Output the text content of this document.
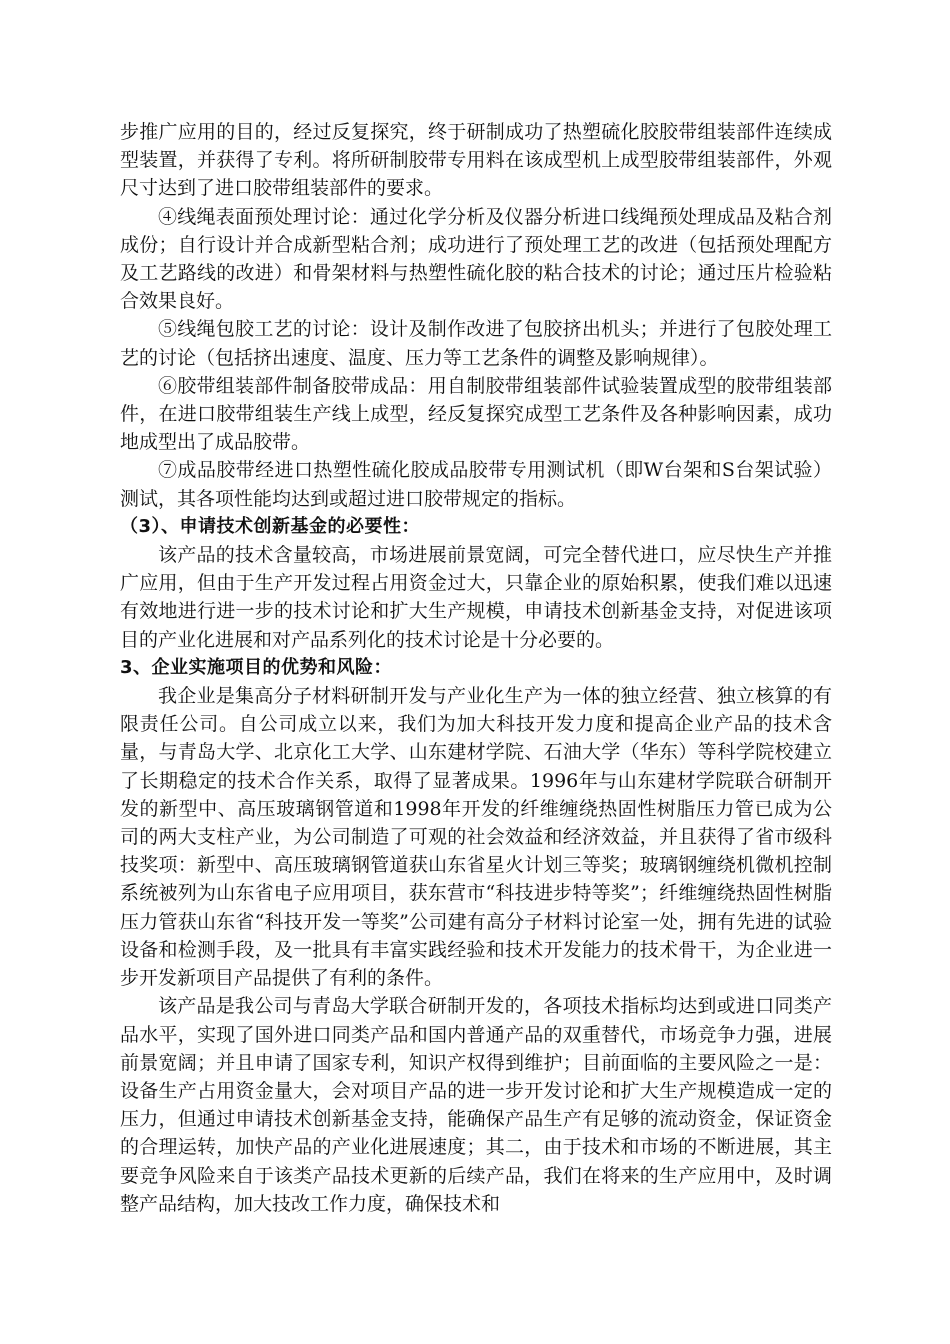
步推广应用的目的，经过反复探究，终于研制成功了热塑硫化胶胶带组装部件连续成型装置，并获得了专利。将所研制胶带专用料在该成型机上成型胶带组装部件，外观尺寸达到了进口胶带组装部件的要求。

④线绳表面预处理讨论：通过化学分析及仪器分析进口线绳预处理成品及粘合剂成份；自行设计并合成新型粘合剂；成功进行了预处理工艺的改进（包括预处理配方及工艺路线的改进）和骨架材料与热塑性硫化胶的粘合技术的讨论；通过压片检验粘合效果良好。

⑤线绳包胶工艺的讨论：设计及制作改进了包胶挤出机头；并进行了包胶处理工艺的讨论（包括挤出速度、温度、压力等工艺条件的调整及影响规律）。

⑥胶带组装部件制备胶带成品：用自制胶带组装部件试验装置成型的胶带组装部件，在进口胶带组装生产线上成型，经反复探究成型工艺条件及各种影响因素，成功地成型出了成品胶带。

⑦成品胶带经进口热塑性硫化胶成品胶带专用测试机（即W台架和S台架试验）测试，其各项性能均达到或超过进口胶带规定的指标。

（3）、申请技术创新基金的必要性：

该产品的技术含量较高，市场进展前景宽阔，可完全替代进口，应尽快生产并推广应用，但由于生产开发过程占用资金过大，只靠企业的原始积累，使我们难以迅速有效地进行进一步的技术讨论和扩大生产规模，申请技术创新基金支持，对促进该项目的产业化进展和对产品系列化的技术讨论是十分必要的。

3、企业实施项目的优势和风险：

我企业是集高分子材料研制开发与产业化生产为一体的独立经营、独立核算的有限责任公司。自公司成立以来，我们为加大科技开发力度和提高企业产品的技术含量，与青岛大学、北京化工大学、山东建材学院、石油大学（华东）等科学院校建立了长期稳定的技术合作关系，取得了显著成果。1996年与山东建材学院联合研制开发的新型中、高压玻璃钢管道和1998年开发的纤维缠绕热固性树脂压力管已成为公司的两大支柱产业，为公司制造了可观的社会效益和经济效益，并且获得了省市级科技奖项：新型中、高压玻璃钢管道获山东省星火计划三等奖；玻璃钢缠绕机微机控制系统被列为山东省电子应用项目，获东营市“科技进步特等奖”；纤维缠绕热固性树脂压力管获山东省“科技开发一等奖”公司建有高分子材料讨论室一处，拥有先进的试验设备和检测手段，及一批具有丰富实践经验和技术开发能力的技术骨干，为企业进一步开发新项目产品提供了有利的条件。

该产品是我公司与青岛大学联合研制开发的，各项技术指标均达到或进口同类产品水平，实现了国外进口同类产品和国内普通产品的双重替代，市场竞争力强，进展前景宽阔；并且申请了国家专利，知识产权得到维护；目前面临的主要风险之一是：设备生产占用资金量大，会对项目产品的进一步开发讨论和扩大生产规模造成一定的压力，但通过申请技术创新基金支持，能确保产品生产有足够的流动资金，保证资金的合理运转，加快产品的产业化进展速度；其二，由于技术和市场的不断进展，其主要竞争风险来自于该类产品技术更新的后续产品，我们在将来的生产应用中，及时调整产品结构，加大技改工作力度，确保技术和
